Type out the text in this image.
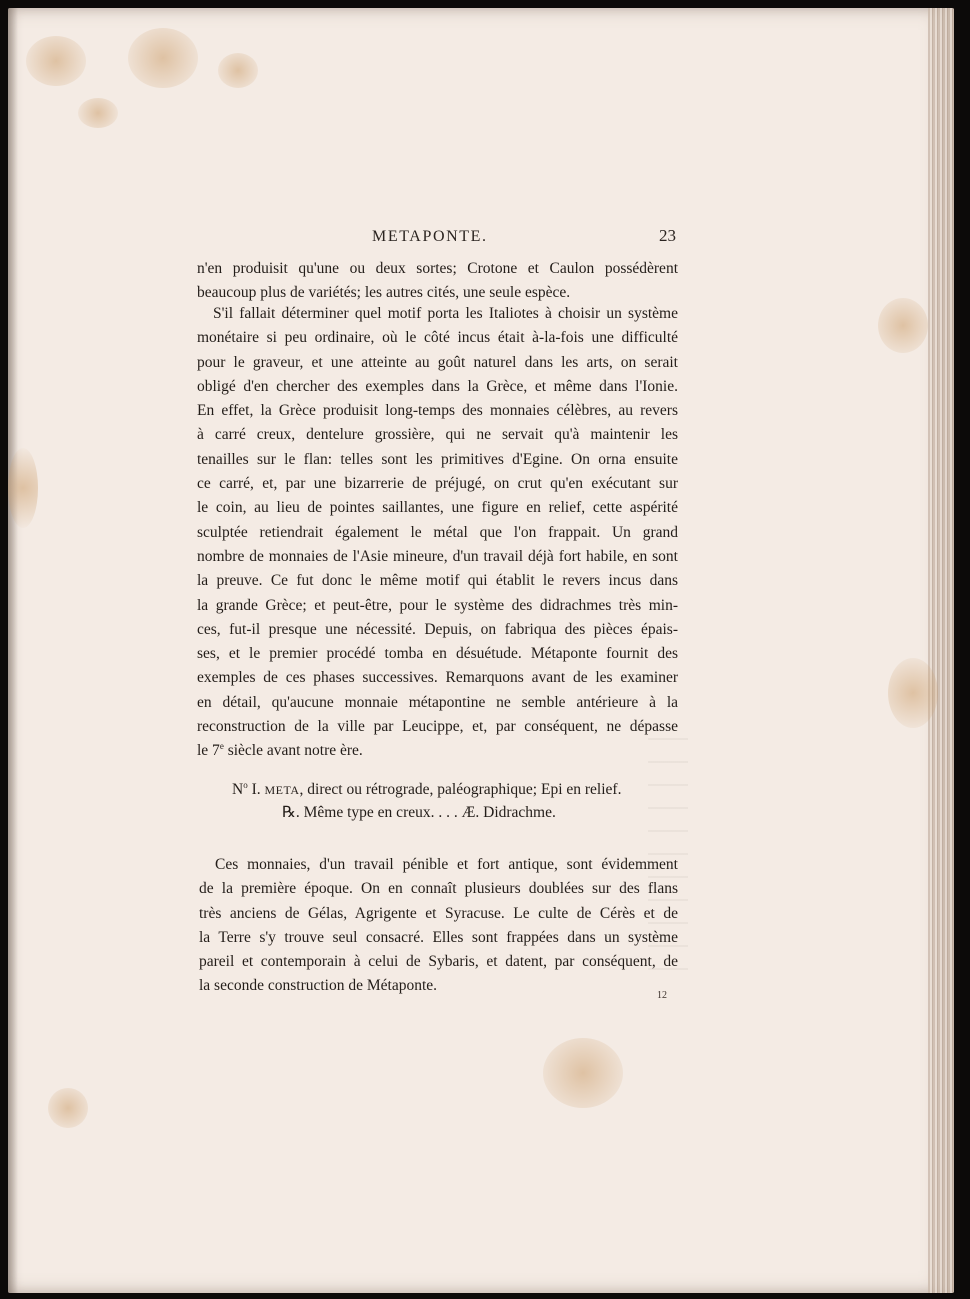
METAPONTE.	23
n'en produisit qu'une ou deux sortes; Crotone et Caulon possédèrent
beaucoup plus de variétés; les autres cités, une seule espèce.
S'il fallait déterminer quel motif porta les Italiotes à choisir un système
monétaire si peu ordinaire, où le côté incus était à-la-fois une difficulté
pour le graveur, et une atteinte au goût naturel dans les arts, on serait
obligé d'en chercher des exemples dans la Grèce, et même dans l'Ionie.
En effet, la Grèce produisit long-temps des monnaies célèbres, au revers
à carré creux, dentelure grossière, qui ne servait qu'à maintenir les
tenailles sur le flan: telles sont les primitives d'Egine. On orna ensuite
ce carré, et, par une bizarrerie de préjugé, on crut qu'en exécutant sur
le coin, au lieu de pointes saillantes, une figure en relief, cette aspérité
sculptée retiendrait également le métal que l'on frappait. Un grand
nombre de monnaies de l'Asie mineure, d'un travail déjà fort habile, en sont
la preuve. Ce fut donc le même motif qui établit le revers incus dans
la grande Grèce; et peut-être, pour le système des didrachmes très min-
ces, fut-il presque une nécessité. Depuis, on fabriqua des pièces épais-
ses, et le premier procédé tomba en désuétude. Métaponte fournit des
exemples de ces phases successives. Remarquons avant de les examiner
en détail, qu'aucune monnaie métapontine ne semble antérieure à la
reconstruction de la ville par Leucippe, et, par conséquent, ne dépasse
le 7e siècle avant notre ère.
$N^o$ I. META, direct ou rétrograde, paléographique; Epi en relief.
℞. Même type en creux. . . . Æ. Didrachme.
Ces monnaies, d'un travail pénible et fort antique, sont évidemment
de la première époque. On en connaît plusieurs doublées sur des flans
très anciens de Gélas, Agrigente et Syracuse. Le culte de Cérès et de
la Terre s'y trouve seul consacré. Elles sont frappées dans un système
pareil et contemporain à celui de Sybaris, et datent, par conséquent, de
la seconde construction de Métaponte.
12
